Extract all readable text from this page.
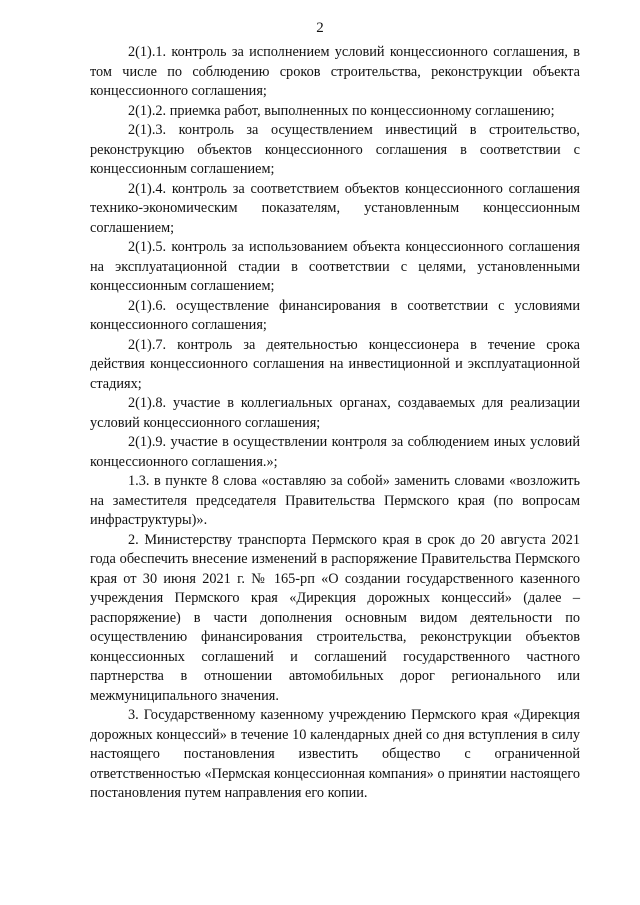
2

2(1).1. контроль за исполнением условий концессионного соглашения, в том числе по соблюдению сроков строительства, реконструкции объекта концессионного соглашения;

2(1).2. приемка работ, выполненных по концессионному соглашению;

2(1).3. контроль за осуществлением инвестиций в строительство, реконструкцию объектов концессионного соглашения в соответствии с концессионным соглашением;

2(1).4. контроль за соответствием объектов концессионного соглашения технико-экономическим показателям, установленным концессионным соглашением;

2(1).5. контроль за использованием объекта концессионного соглашения на эксплуатационной стадии в соответствии с целями, установленными концессионным соглашением;

2(1).6. осуществление финансирования в соответствии с условиями концессионного соглашения;

2(1).7. контроль за деятельностью концессионера в течение срока действия концессионного соглашения на инвестиционной и эксплуатационной стадиях;

2(1).8. участие в коллегиальных органах, создаваемых для реализации условий концессионного соглашения;

2(1).9. участие в осуществлении контроля за соблюдением иных условий концессионного соглашения.»;

1.3. в пункте 8 слова «оставляю за собой» заменить словами «возложить на заместителя председателя Правительства Пермского края (по вопросам инфраструктуры)».

2. Министерству транспорта Пермского края в срок до 20 августа 2021 года обеспечить внесение изменений в распоряжение Правительства Пермского края от 30 июня 2021 г. № 165-рп «О создании государственного казенного учреждения Пермского края «Дирекция дорожных концессий» (далее – распоряжение) в части дополнения основным видом деятельности по осуществлению финансирования строительства, реконструкции объектов концессионных соглашений и соглашений государственного частного партнерства в отношении автомобильных дорог регионального или межмуниципального значения.

3. Государственному казенному учреждению Пермского края «Дирекция дорожных концессий» в течение 10 календарных дней со дня вступления в силу настоящего постановления известить общество с ограниченной ответственностью «Пермская концессионная компания» о принятии настоящего постановления путем направления его копии.
